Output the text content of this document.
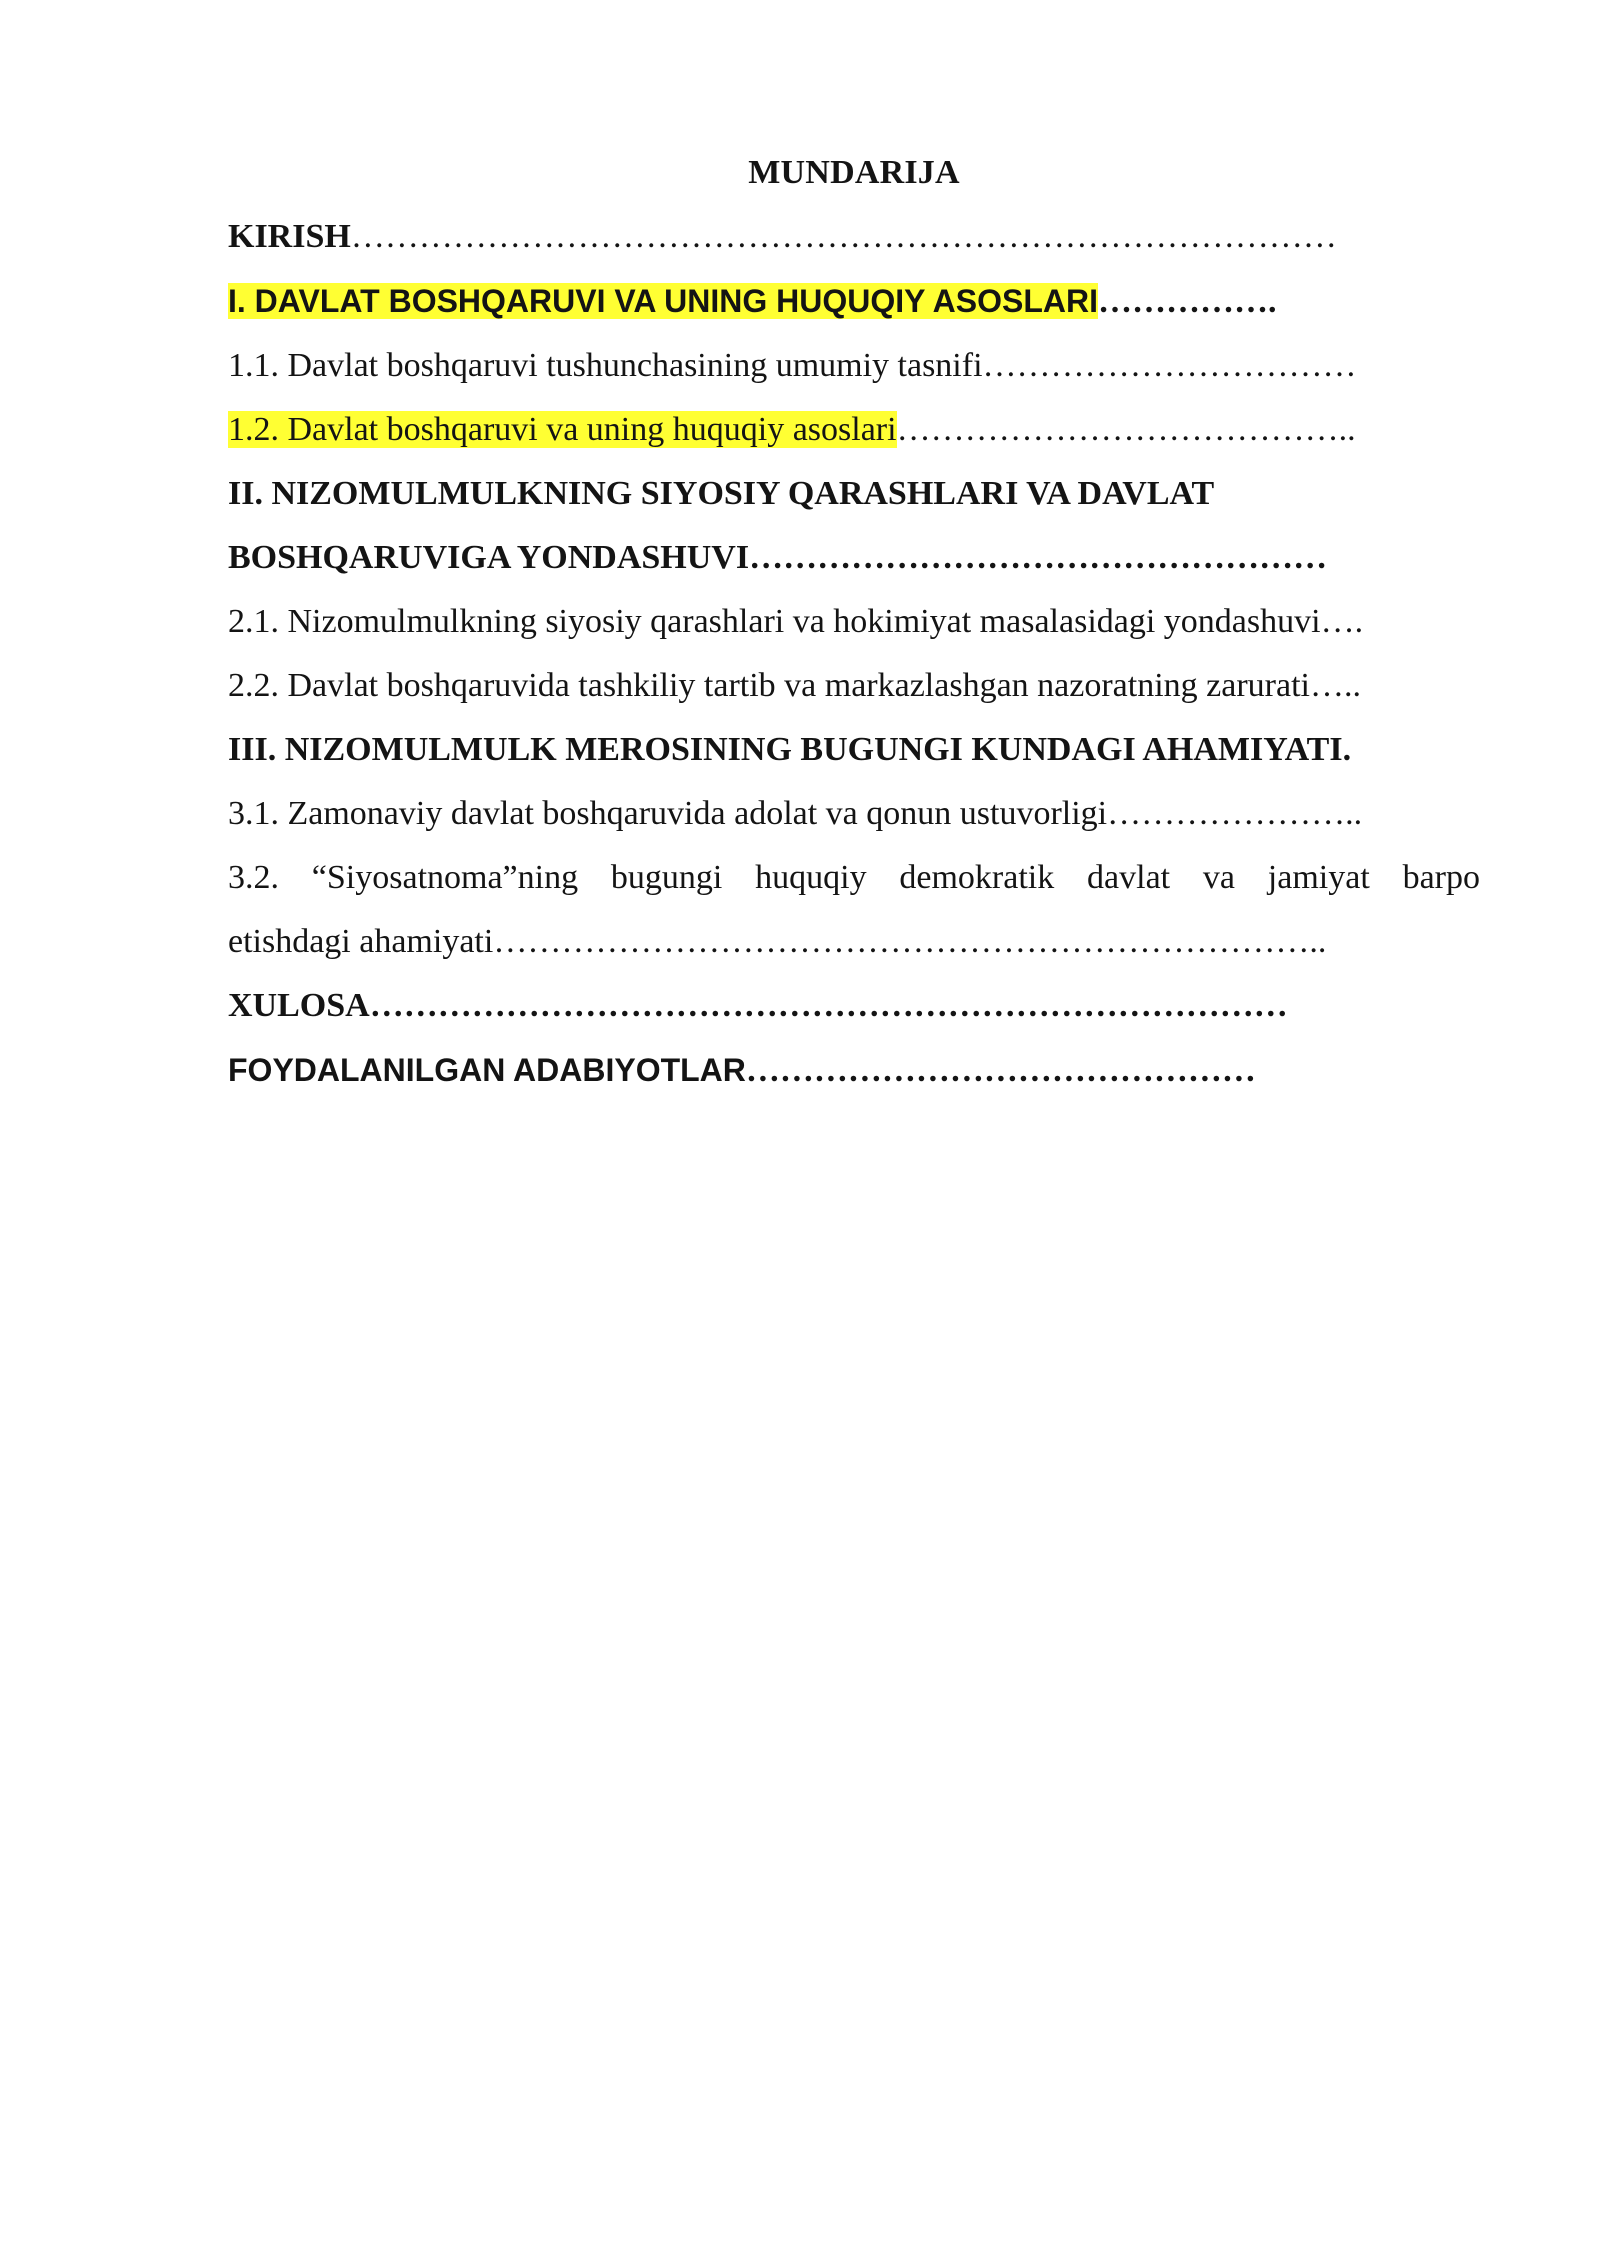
MUNDARIJA
KIRISH……………………………………………………………………………
I. DAVLAT BOSHQARUVI VA UNING HUQUQIY ASOSLARI…………….
1.1. Davlat boshqaruvi tushunchasining umumiy tasnifi……………………………
1.2. Davlat boshqaruvi va uning huquqiy asoslari…………………………………..
II. NIZOMULMULKNING SIYOSIY QARASHLARI VA DAVLAT
BOSHQARUVIGA YONDASHUVI……………………………………………
2.1. Nizomulmulkning siyosiy qarashlari va hokimiyat masalasidagi yondashuvi….
2.2. Davlat boshqaruvida tashkiliy tartib va markazlashgan nazoratning zarurati…..
III. NIZOMULMULK MEROSINING BUGUNGI KUNDAGI AHAMIYATI.
3.1. Zamonaviy davlat boshqaruvida adolat va qonun ustuvorligi…………………..
3.2. “Siyosatnoma”ning bugungi huquqiy demokratik davlat va jamiyat barpo
etishdagi ahamiyati………………………………………………………………..
XULOSA………………………………………………………………………
FOYDALANILGAN ADABIYOTLAR………………………………………
